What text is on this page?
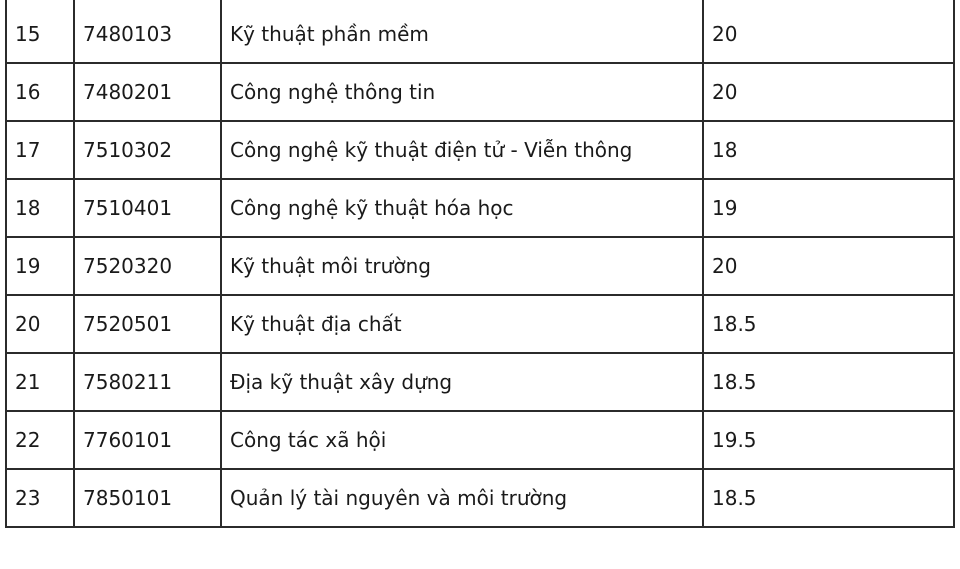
15	7480103	Kỹ thuật phần mềm	20
16	7480201	Công nghệ thông tin	20
17	7510302	Công nghệ kỹ thuật điện tử - Viễn thông	18
18	7510401	Công nghệ kỹ thuật hóa học	19
19	7520320	Kỹ thuật môi trường	20
20	7520501	Kỹ thuật địa chất	18.5
21	7580211	Địa kỹ thuật xây dựng	18.5
22	7760101	Công tác xã hội	19.5
23	7850101	Quản lý tài nguyên và môi trường	18.5
